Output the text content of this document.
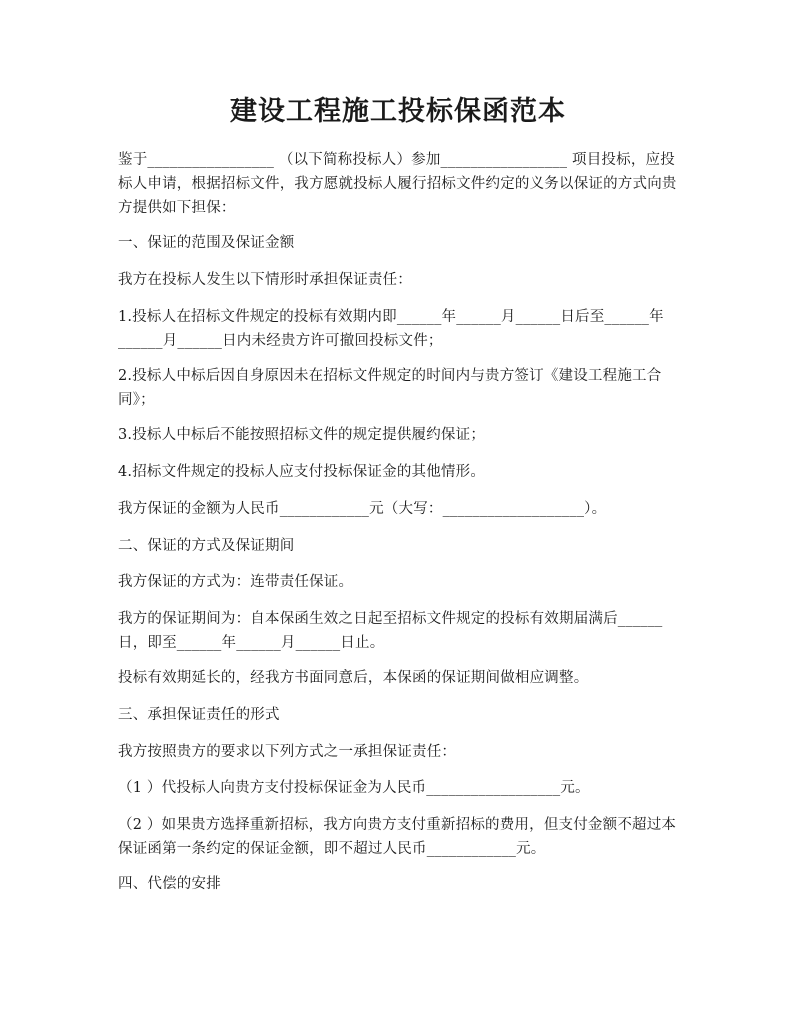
建设工程施工投标保函范本
鉴于_________________ （以下简称投标人）参加_________________ 项目投标，应投标人申请，根据招标文件，我方愿就投标人履行招标文件约定的义务以保证的方式向贵方提供如下担保：
一、保证的范围及保证金额
我方在投标人发生以下情形时承担保证责任：
1.投标人在招标文件规定的投标有效期内即______年______月______日后至______年______月______日内未经贵方许可撤回投标文件；
2.投标人中标后因自身原因未在招标文件规定的时间内与贵方签订《建设工程施工合同》；
3.投标人中标后不能按照招标文件的规定提供履约保证；
4.招标文件规定的投标人应支付投标保证金的其他情形。
我方保证的金额为人民币____________元（大写：___________________）。
二、保证的方式及保证期间
我方保证的方式为：连带责任保证。
我方的保证期间为：自本保函生效之日起至招标文件规定的投标有效期届满后______日，即至______年______月______日止。
投标有效期延长的，经我方书面同意后，本保函的保证期间做相应调整。
三、承担保证责任的形式
我方按照贵方的要求以下列方式之一承担保证责任：
（1 ）代投标人向贵方支付投标保证金为人民币__________________元。
（2 ）如果贵方选择重新招标，我方向贵方支付重新招标的费用，但支付金额不超过本保证函第一条约定的保证金额，即不超过人民币____________元。
四、代偿的安排
